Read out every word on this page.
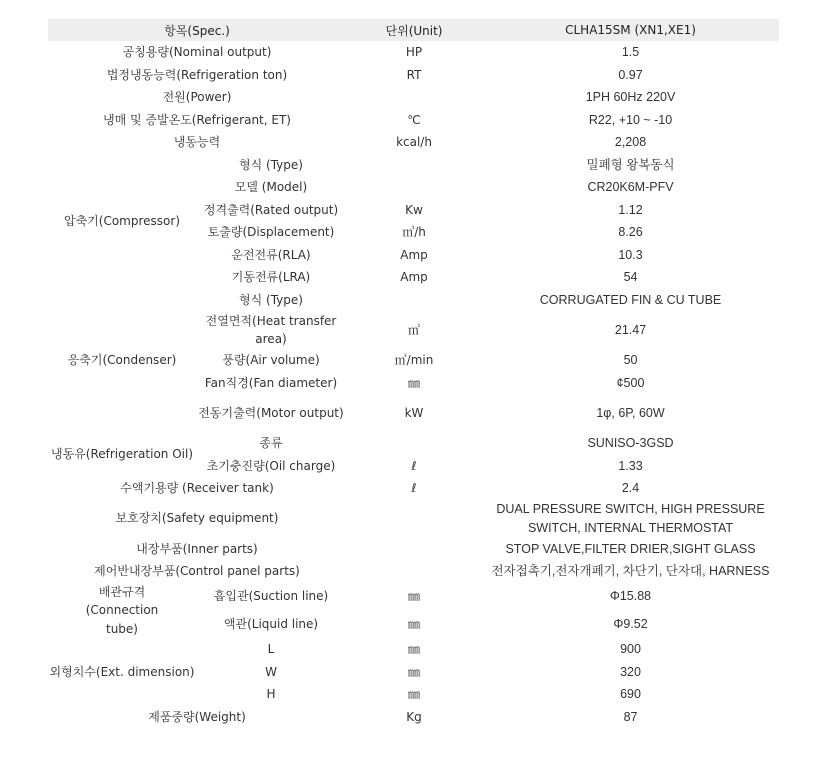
항목(Spec.)		단위(Unit)	CLHA15SM (XN1,XE1)
공칭용량(Nominal output)		HP	1.5
법정냉동능력(Refrigeration ton)		RT	0.97
전원(Power)			1PH 60Hz 220V
냉매 및 증발온도(Refrigerant, ET)		℃	R22, +10 ~ -10
냉동능력		kcal/h	2,208
압축기(Compressor)	형식 (Type)		밀폐형 왕복동식
	모델 (Model)		CR20K6M-PFV
	정격출력(Rated output)	Kw	1.12
	토출량(Displacement)	㎥/h	8.26
	운전전류(RLA)	Amp	10.3
	기동전류(LRA)	Amp	54
응축기(Condenser)	형식 (Type)		CORRUGATED FIN & CU TUBE
	전열면적(Heat transfer area)	㎡	21.47
	풍량(Air volume)	㎥/min	50
	Fan직경(Fan diameter)	㎜	¢500
	전동기출력(Motor output)	kW	1φ, 6P, 60W
냉동유(Refrigeration Oil)	종류		SUNISO-3GSD
	초기충진량(Oil charge)	ℓ	1.33
수액기용량 (Receiver tank)		ℓ	2.4
보호장치(Safety equipment)			DUAL PRESSURE SWITCH, HIGH PRESSURE SWITCH, INTERNAL THERMOSTAT
내장부품(Inner parts)			STOP VALVE,FILTER DRIER,SIGHT GLASS
제어반내장부품(Control panel parts)			전자접촉기,전자개폐기, 차단기, 단자대, HARNESS
배관규격(Connection tube)	흡입관(Suction line)	㎜	Φ15.88
	액관(Liquid line)	㎜	Φ9.52
외형치수(Ext. dimension)	L	㎜	900
	W	㎜	320
	H	㎜	690
제품중량(Weight)		Kg	87
